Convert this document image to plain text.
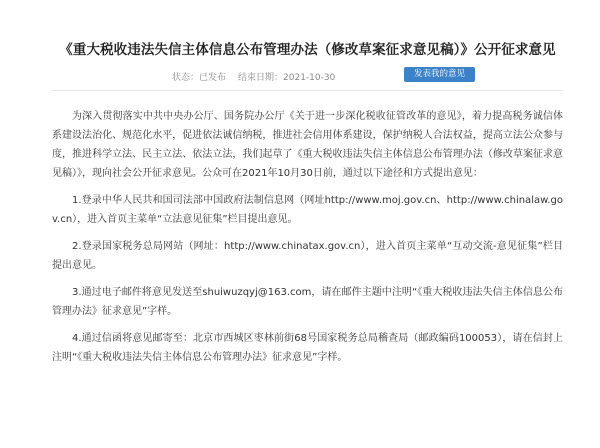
《重大税收违法失信主体信息公布管理办法（修改草案征求意见稿）》公开征求意见
状态：已发布 结束日期：2021-10-30	发表我的意见

为深入贯彻落实中共中央办公厅、国务院办公厅《关于进一步深化税收征管改革的意见》，着力提高税务诚信体系建设法治化、规范化水平，促进依法诚信纳税，推进社会信用体系建设，保护纳税人合法权益，提高立法公众参与度，推进科学立法、民主立法、依法立法，我们起草了《重大税收违法失信主体信息公布管理办法（修改草案征求意见稿）》，现向社会公开征求意见。公众可在2021年10月30日前，通过以下途径和方式提出意见：

1.登录中华人民共和国司法部中国政府法制信息网（网址http://www.moj.gov.cn、http://www.chinalaw.gov.cn），进入首页主菜单“立法意见征集”栏目提出意见。

2.登录国家税务总局网站（网址：http://www.chinatax.gov.cn），进入首页主菜单“互动交流-意见征集”栏目提出意见。

3.通过电子邮件将意见发送至shuiwuzqyj@163.com，请在邮件主题中注明“《重大税收违法失信主体信息公布管理办法》征求意见”字样。

4.通过信函将意见邮寄至：北京市西城区枣林前街68号国家税务总局稽查局（邮政编码100053），请在信封上注明“《重大税收违法失信主体信息公布管理办法》征求意见”字样。
